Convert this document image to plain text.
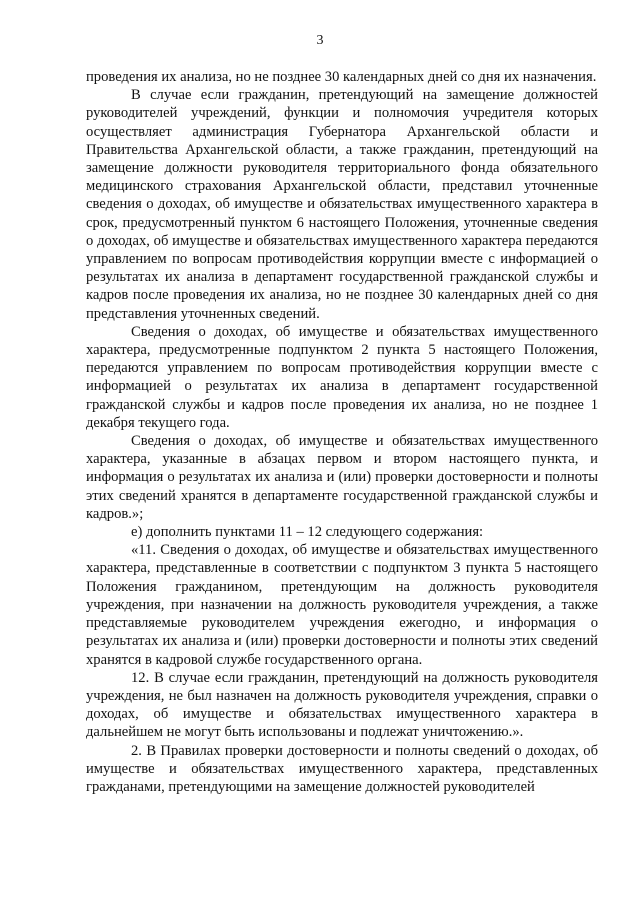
3

проведения их анализа, но не позднее 30 календарных дней со дня их назначения.

В случае если гражданин, претендующий на замещение должностей руководителей учреждений, функции и полномочия учредителя которых осуществляет администрация Губернатора Архангельской области и Правительства Архангельской области, а также гражданин, претендующий на замещение должности руководителя территориального фонда обязательного медицинского страхования Архангельской области, представил уточненные сведения о доходах, об имуществе и обязательствах имущественного характера в срок, предусмотренный пунктом 6 настоящего Положения, уточненные сведения о доходах, об имуществе и обязательствах имущественного характера передаются управлением по вопросам противодействия коррупции вместе с информацией о результатах их анализа в департамент государственной гражданской службы и кадров после проведения их анализа, но не позднее 30 календарных дней со дня представления уточненных сведений.

Сведения о доходах, об имуществе и обязательствах имущественного характера, предусмотренные подпунктом 2 пункта 5 настоящего Положения, передаются управлением по вопросам противодействия коррупции вместе с информацией о результатах их анализа в департамент государственной гражданской службы и кадров после проведения их анализа, но не позднее 1 декабря текущего года.

Сведения о доходах, об имуществе и обязательствах имущественного характера, указанные в абзацах первом и втором настоящего пункта, и информация о результатах их анализа и (или) проверки достоверности и полноты этих сведений хранятся в департаменте государственной гражданской службы и кадров.»;

е) дополнить пунктами 11 – 12 следующего содержания:

«11. Сведения о доходах, об имуществе и обязательствах имущественного характера, представленные в соответствии с подпунктом 3 пункта 5 настоящего Положения гражданином, претендующим на должность руководителя учреждения, при назначении на должность руководителя учреждения, а также представляемые руководителем учреждения ежегодно, и информация о результатах их анализа и (или) проверки достоверности и полноты этих сведений хранятся в кадровой службе государственного органа.

12. В случае если гражданин, претендующий на должность руководителя учреждения, не был назначен на должность руководителя учреждения, справки о доходах, об имуществе и обязательствах имущественного характера в дальнейшем не могут быть использованы и подлежат уничтожению.».

2. В Правилах проверки достоверности и полноты сведений о доходах, об имуществе и обязательствах имущественного характера, представленных гражданами, претендующими на замещение должностей руководителей
